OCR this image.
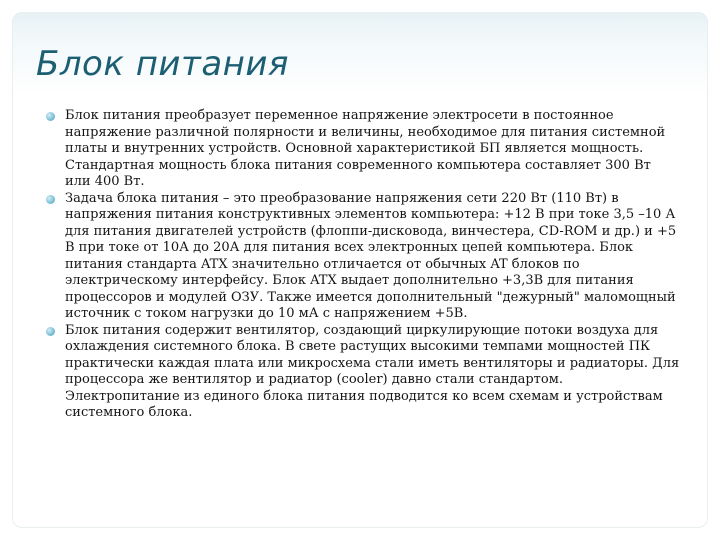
Блок питания
Блок питания преобразует переменное напряжение электросети в постоянное напряжение различной полярности и величины, необходимое для питания системной платы и внутренних устройств. Основной характеристикой БП является мощность. Стандартная мощность блока питания современного компьютера составляет 300 Вт или 400 Вт.
Задача блока питания – это преобразование напряжения сети 220 Вт (110 Вт) в напряжения питания конструктивных элементов компьютера: +12 В при токе 3,5 –10 А для питания двигателей устройств (флоппи-дисковода, винчестера, CD-ROM и др.) и +5 В при токе от 10А до 20А для питания всех электронных цепей компьютера. Блок питания стандарта ATX значительно отличается от обычных AT блоков по электрическому интерфейсу. Блок ATX выдает дополнительно +3,3В для питания процессоров и модулей ОЗУ. Также имеется дополнительный "дежурный" маломощный источник с током нагрузки до 10 мА с напряжением +5В.
Блок питания содержит вентилятор, создающий циркулирующие потоки воздуха для охлаждения системного блока. В свете растущих высокими темпами мощностей ПК практически каждая плата или микросхема стали иметь вентиляторы и радиаторы. Для процессора же вентилятор и радиатор (cooler) давно стали стандартом. Электропитание из единого блока питания подводится ко всем схемам и устройствам системного блока.
